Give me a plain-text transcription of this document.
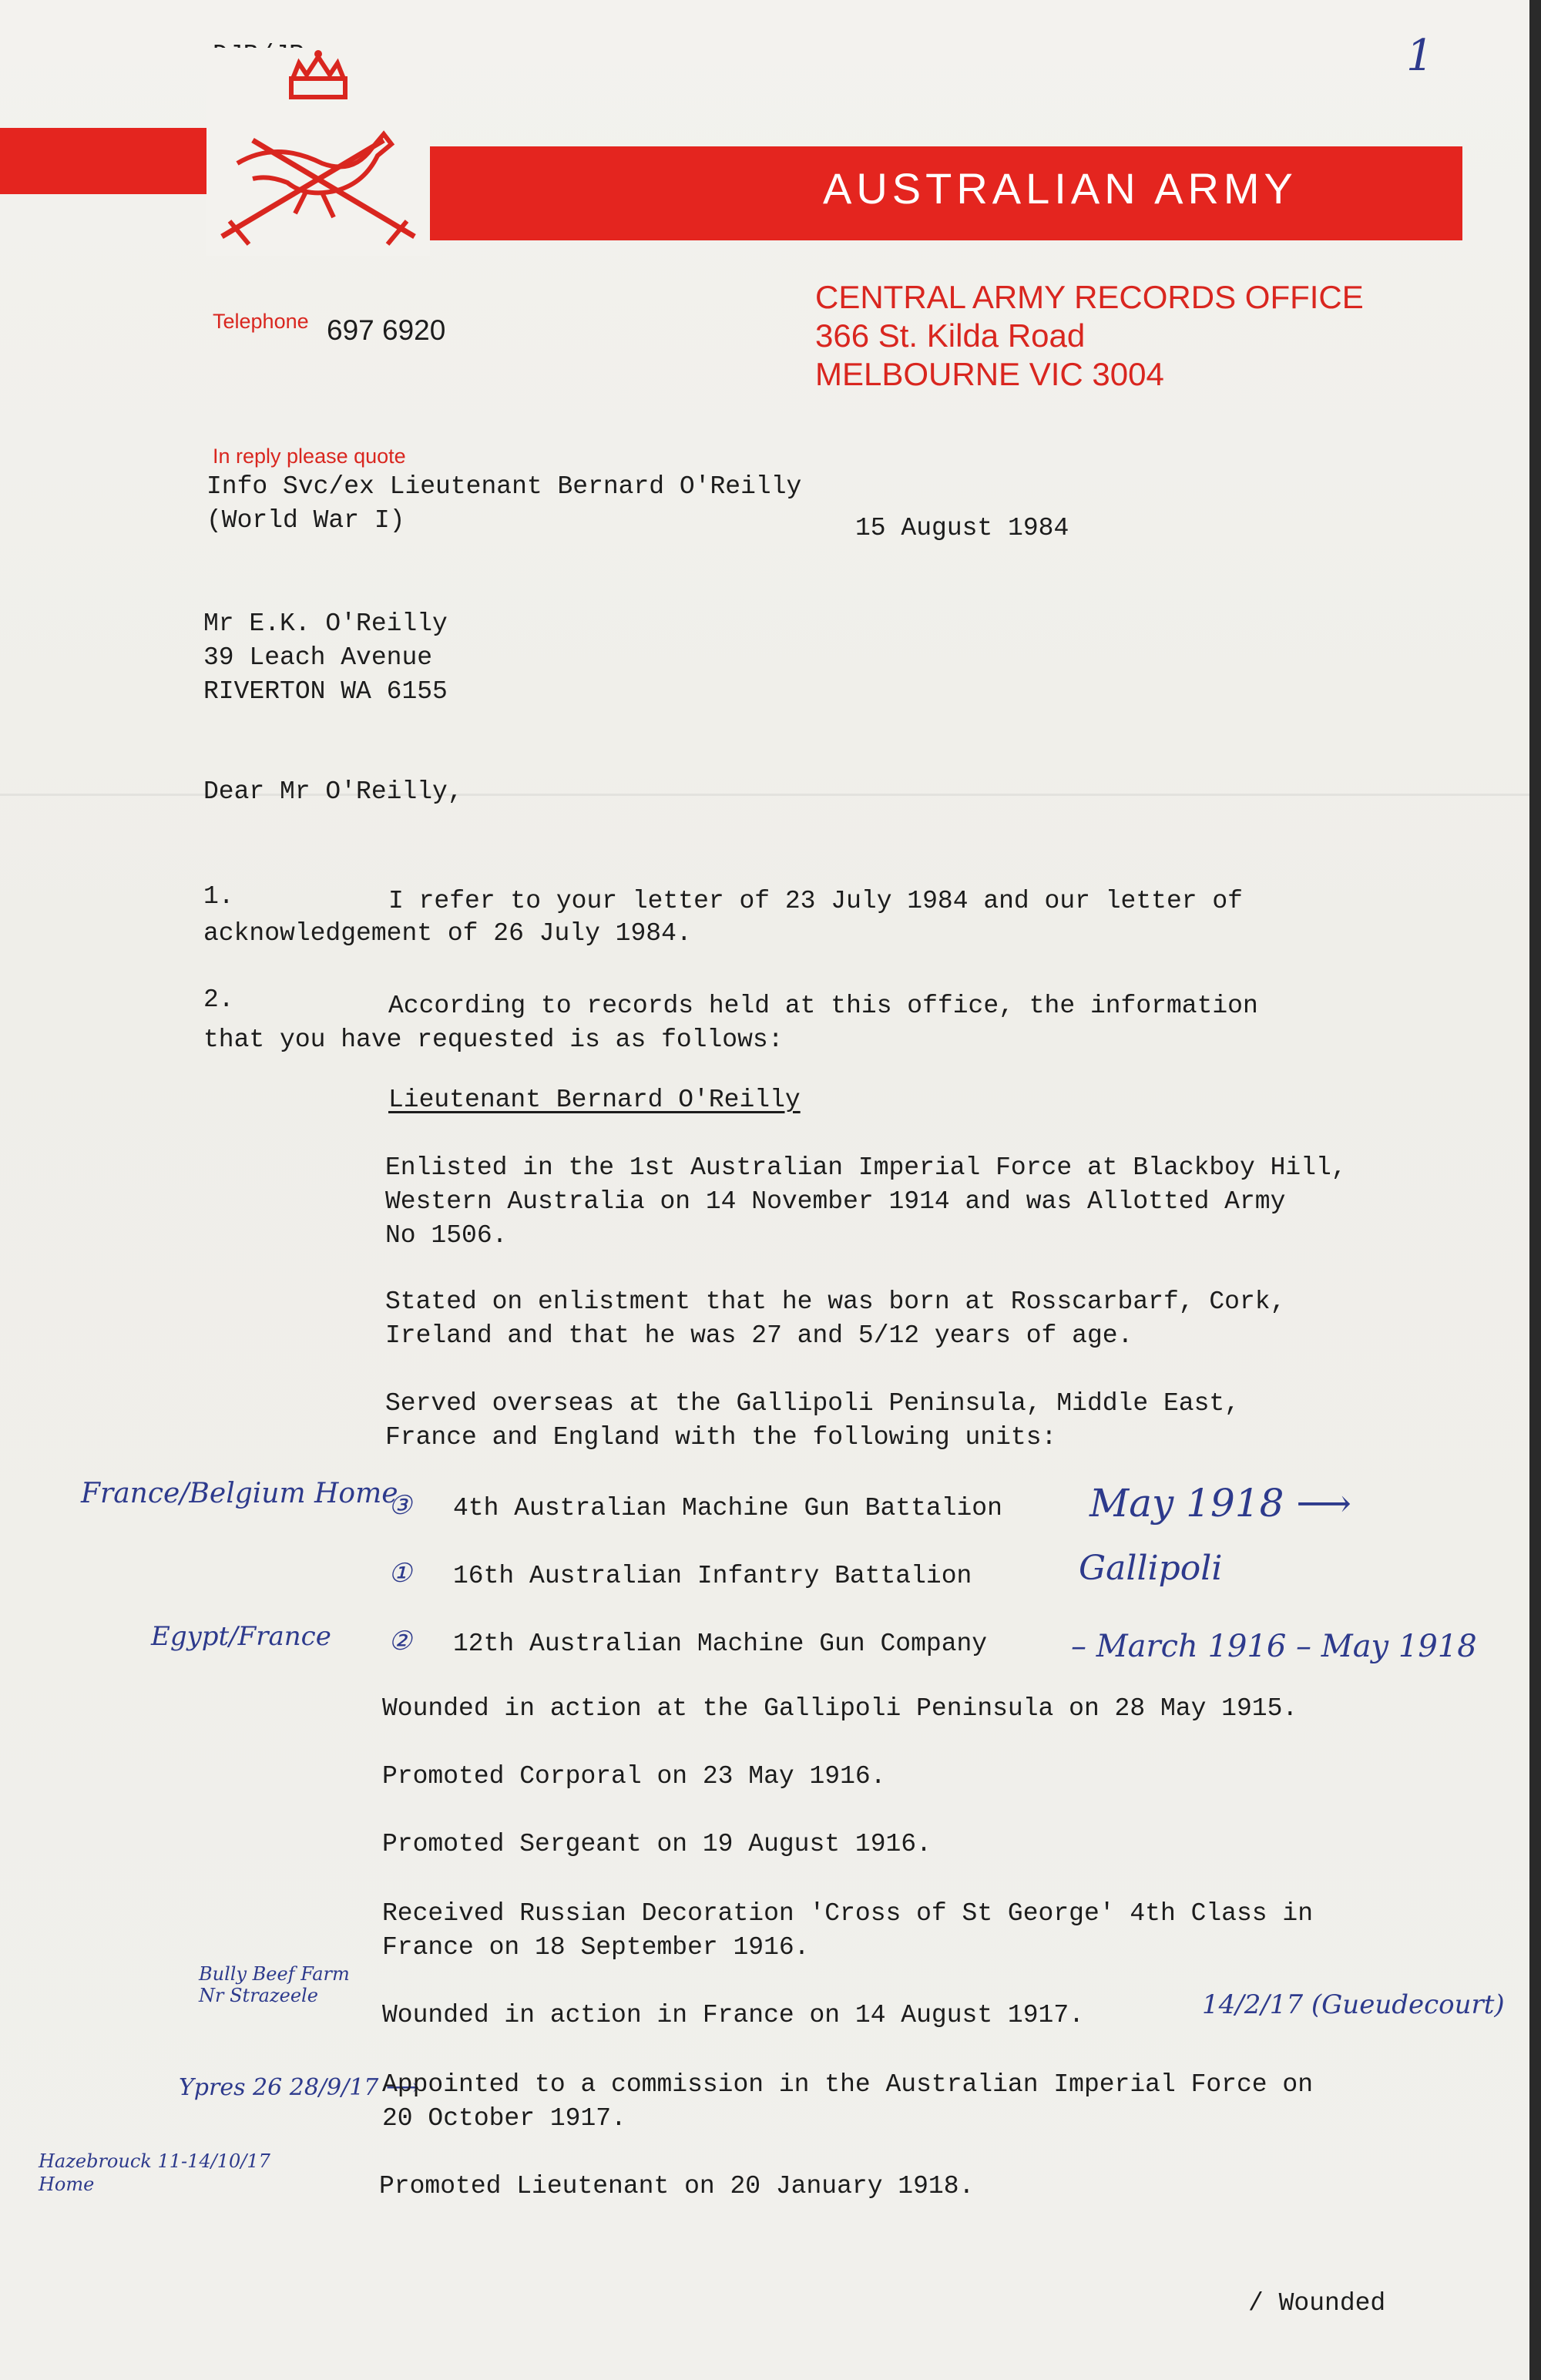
1
AUSTRALIAN ARMY
Telephone 697 6920
CENTRAL ARMY RECORDS OFFICE
366 St. Kilda Road
MELBOURNE VIC 3004
In reply please quote
Info Svc/ex Lieutenant Bernard O'Reilly
(World War I)	15 August 1984
Mr E.K. O'Reilly
39 Leach Avenue
RIVERTON WA 6155
Dear Mr O'Reilly,
1.	I refer to your letter of 23 July 1984 and our letter of
acknowledgement of 26 July 1984.
2.	According to records held at this office, the information
that you have requested is as follows:
Lieutenant Bernard O'Reilly
Enlisted in the 1st Australian Imperial Force at Blackboy Hill,
Western Australia on 14 November 1914 and was Allotted Army
No 1506.
Stated on enlistment that he was born at Rosscarbarf, Cork,
Ireland and that he was 27 and 5/12 years of age.
Served overseas at the Gallipoli Peninsula, Middle East,
France and England with the following units:
France/Belgium Home
③ 4th Australian Machine Gun Battalion May 1918 ⟶
① 16th Australian Infantry Battalion	Gallipoli
Egypt/France ② 12th Australian Machine Gun Company	– March 1916 – May 1918
Wounded in action at the Gallipoli Peninsula on 28 May 1915.
Promoted Corporal on 23 May 1916.
Promoted Sergeant on 19 August 1916.
Received Russian Decoration 'Cross of St George' 4th Class in
France on 18 September 1916.
Bully Beef Farm Nr Strazeele
Wounded in action in France on 14 August 1917.	14/2/17 (Gueudecourt)
Ypres 26 28/9/17 ⟶
Appointed to a commission in the Australian Imperial Force on
20 October 1917.
Hazebrouck 11-14/10/17 Home	Promoted Lieutenant on 20 January 1918.
/ Wounded
